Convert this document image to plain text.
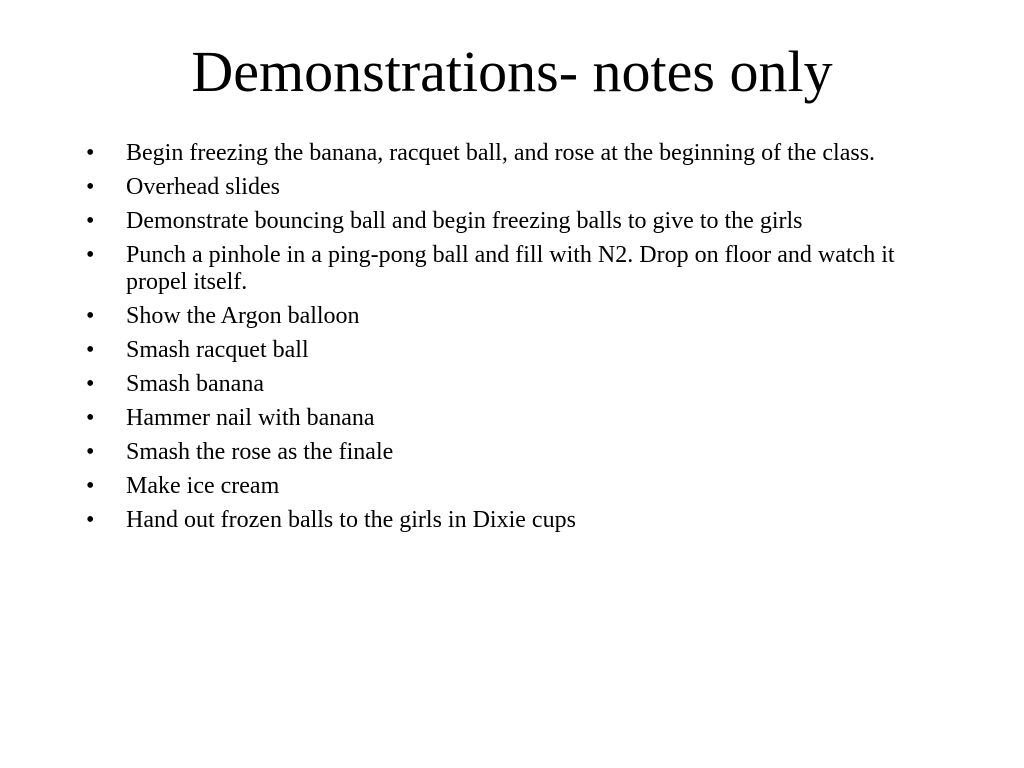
Demonstrations- notes only
•	Begin freezing the banana, racquet ball, and rose at the beginning of the class.
•	Overhead slides
•	Demonstrate bouncing ball and begin freezing balls to give to the girls
•	Punch a pinhole in a ping-pong ball and fill with N2. Drop on floor and watch it propel itself.
•	Show the Argon balloon
•	Smash racquet ball
•	Smash banana
•	Hammer nail with banana
•	Smash the rose as the finale
•	Make ice cream
•	Hand out frozen balls to the girls in Dixie cups
